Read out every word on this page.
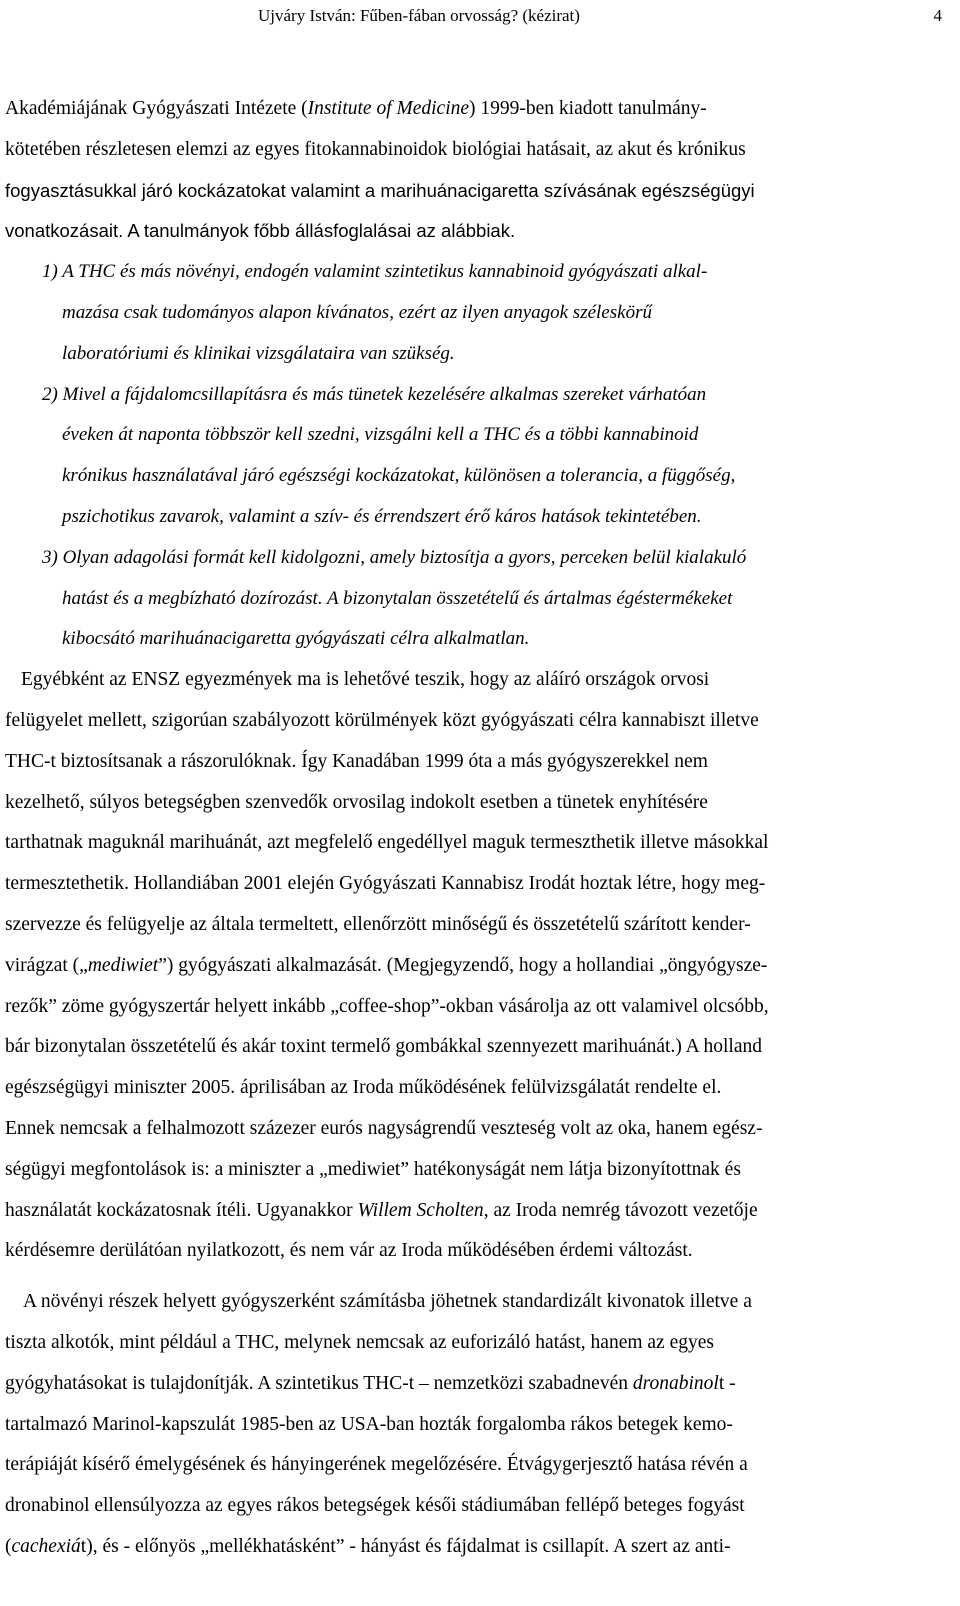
Ujváry István: Fűben-fában orvosság? (kézirat)	4
Akadémiájának Gyógyászati Intézete (Institute of Medicine) 1999-ben kiadott tanulmány-
kötetében részletesen elemzi az egyes fitokannabinoidok biológiai hatásait, az akut és krónikus
fogyasztásukkal járó kockázatokat valamint a marihuánacigaretta szívásának egészségügyi
vonatkozásait. A tanulmányok főbb állásfoglalásai az alábbiak.
1) A THC és más növényi, endogén valamint szintetikus kannabinoid gyógyászati alkal-
mazása csak tudományos alapon kívánatos, ezért az ilyen anyagok széleskörű
laboratóriumi és klinikai vizsgálataira van szükség.
2) Mivel a fájdalomcsillapításra és más tünetek kezelésére alkalmas szereket várhatóan
éveken át naponta többször kell szedni, vizsgálni kell a THC és a többi kannabinoid
krónikus használatával járó egészségi kockázatokat, különösen a tolerancia, a függőség,
pszichotikus zavarok, valamint a szív- és érrendszert érő káros hatások tekintetében.
3) Olyan adagolási formát kell kidolgozni, amely biztosítja a gyors, perceken belül kialakuló
hatást és a megbízható dozírozást. A bizonytalan összetételű és ártalmas égéstermékeket
kibocsátó marihuánacigaretta gyógyászati célra alkalmatlan.
Egyébként az ENSZ egyezmények ma is lehetővé teszik, hogy az aláíró országok orvosi
felügyelet mellett, szigorúan szabályozott körülmények közt gyógyászati célra kannabiszt illetve
THC-t biztosítsanak a rászorulóknak. Így Kanadában 1999 óta a más gyógyszerekkel nem
kezelhető, súlyos betegségben szenvedők orvosilag indokolt esetben a tünetek enyhítésére
tarthatnak maguknál marihuánát, azt megfelelő engedéllyel maguk termeszthetik illetve másokkal
termesztethetik. Hollandiában 2001 elején Gyógyászati Kannabisz Irodát hoztak létre, hogy meg-
szervezze és felügyelje az általa termeltett, ellenőrzött minőségű és összetételű szárított kender-
virágzat („mediwiet”) gyógyászati alkalmazását. (Megjegyzendő, hogy a hollandiai „öngyógysze-
rezők” zöme gyógyszertár helyett inkább „coffee-shop”-okban vásárolja az ott valamivel olcsóbb,
bár bizonytalan összetételű és akár toxint termelő gombákkal szennyezett marihuánát.) A holland
egészségügyi miniszter 2005. áprilisában az Iroda működésének felülvizsgálatát rendelte el.
Ennek nemcsak a felhalmozott százezer eurós nagyságrendű veszteség volt az oka, hanem egész-
ségügyi megfontolások is: a miniszter a „mediwiet” hatékonyságát nem látja bizonyítottnak és
használatát kockázatosnak ítéli. Ugyanakkor Willem Scholten, az Iroda nemrég távozott vezetője
kérdésemre derülátóan nyilatkozott, és nem vár az Iroda működésében érdemi változást.
A növényi részek helyett gyógyszerként számításba jöhetnek standardizált kivonatok illetve a
tiszta alkotók, mint például a THC, melynek nemcsak az euforizáló hatást, hanem az egyes
gyógyhatásokat is tulajdonítják. A szintetikus THC-t – nemzetközi szabadnevén dronabinolt -
tartalmazó Marinol-kapszulát 1985-ben az USA-ban hozták forgalomba rákos betegek kemo-
terápiáját kísérő émelygésének és hányingerének megelőzésére. Étvágygerjesztő hatása révén a
dronabinol ellensúlyozza az egyes rákos betegségek késői stádiumában fellépő beteges fogyást
(cachexiát), és - előnyös „mellékhatásként” - hányást és fájdalmat is csillapít. A szert az anti-
